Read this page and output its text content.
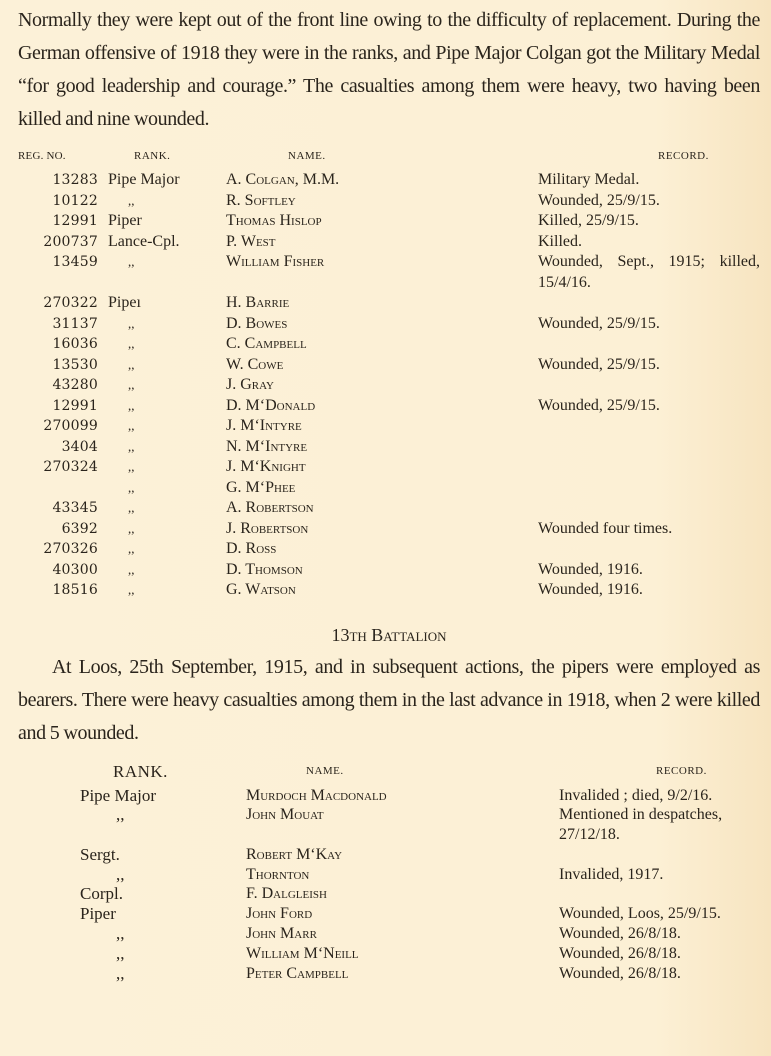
Normally they were kept out of the front line owing to the difficulty of replacement. During the German offensive of 1918 they were in the ranks, and Pipe Major Colgan got the Military Medal “for good leadership and courage.” The casualties among them were heavy, two having been killed and nine wounded.

REG. NO.	RANK.	NAME.	RECORD.
13283	Pipe Major	A. Colgan, M.M.	Military Medal.
10122	,,	R. Softley	Wounded, 25/9/15.
12991	Piper	Thomas Hislop	Killed, 25/9/15.
200737	Lance-Cpl.	P. West	Killed.
13459	,,	William Fisher	Wounded, Sept., 1915; killed, 15/4/16.
270322	Pipeı	H. Barrie	
31137	,,	D. Bowes	Wounded, 25/9/15.
16036	,,	C. Campbell	
13530	,,	W. Cowe	Wounded, 25/9/15.
43280	,,	J. Gray	
12991	,,	D. M‘Donald	Wounded, 25/9/15.
270099	,,	J. M‘Intyre	
3404	,,	N. M‘Intyre	
270324	,,	J. M‘Knight	
	,,	G. M‘Phee	
43345	,,	A. Robertson	
6392	,,	J. Robertson	Wounded four times.
270326	,,	D. Ross	
40300	,,	D. Thomson	Wounded, 1916.
18516	,,	G. Watson	Wounded, 1916.
13th Battalion

At Loos, 25th September, 1915, and in subsequent actions, the pipers were employed as bearers. There were heavy casualties among them in the last advance in 1918, when 2 were killed and 5 wounded.

	RANK.	NAME.	RECORD.
	Pipe Major	Murdoch Macdonald	Invalided ; died, 9/2/16.
	,,	John Mouat	Mentioned in despatches, 27/12/18.
	Sergt.	Robert M‘Kay	
	,,	Thornton	Invalided, 1917.
	Corpl.	F. Dalgleish	
	Piper	John Ford	Wounded, Loos, 25/9/15.
	,,	John Marr	Wounded, 26/8/18.
	,,	William M‘Neill	Wounded, 26/8/18.
	,,	Peter Campbell	Wounded, 26/8/18.
